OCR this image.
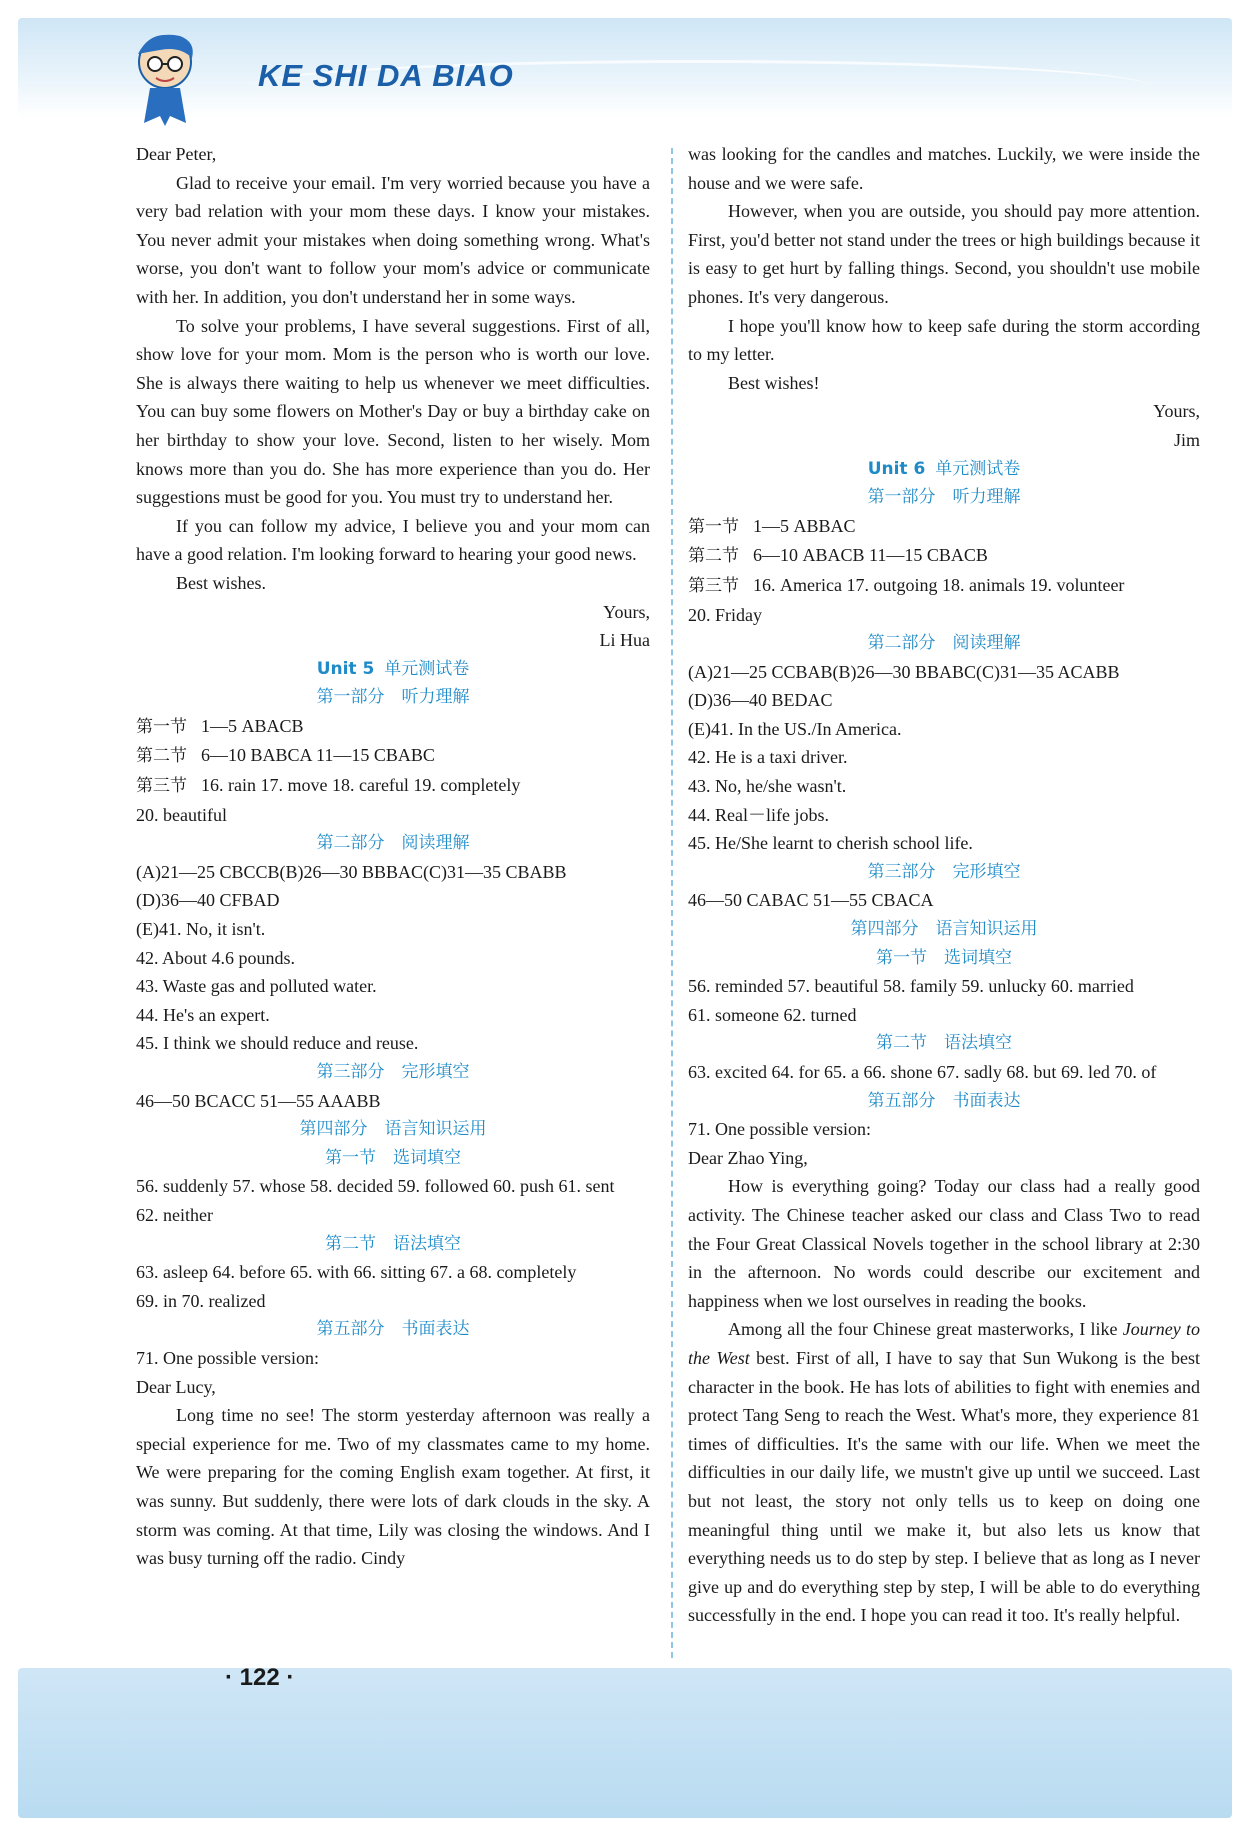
KE SHI DA BIAO

Dear Peter,

Glad to receive your email. I'm very worried because you have a very bad relation with your mom these days. I know your mistakes. You never admit your mistakes when doing something wrong. What's worse, you don't want to follow your mom's advice or communicate with her. In addition, you don't understand her in some ways.

To solve your problems, I have several suggestions. First of all, show love for your mom. Mom is the person who is worth our love. She is always there waiting to help us whenever we meet difficulties. You can buy some flowers on Mother's Day or buy a birthday cake on her birthday to show your love. Second, listen to her wisely. Mom knows more than you do. She has more experience than you do. Her suggestions must be good for you. You must try to understand her.

If you can follow my advice, I believe you and your mom can have a good relation. I'm looking forward to hearing your good news.

Best wishes.

Yours,

Li Hua

Unit 5 单元测试卷

第一部分　听力理解

第一节 1—5 ABACB

第二节 6—10 BABCA 11—15 CBABC

第三节 16. rain 17. move 18. careful 19. completely

20. beautiful

第二部分　阅读理解

(A)21—25 CBCCB(B)26—30 BBBAC(C)31—35 CBABB

(D)36—40 CFBAD

(E)41. No, it isn't.

42. About 4.6 pounds.

43. Waste gas and polluted water.

44. He's an expert.

45. I think we should reduce and reuse.

第三部分　完形填空

46—50 BCACC 51—55 AAABB

第四部分　语言知识运用

第一节　选词填空

56. suddenly 57. whose 58. decided 59. followed 60. push 61. sent

62. neither

第二节　语法填空

63. asleep 64. before 65. with 66. sitting 67. a 68. completely

69. in 70. realized

第五部分　书面表达

71. One possible version:

Dear Lucy,

Long time no see! The storm yesterday afternoon was really a special experience for me. Two of my classmates came to my home. We were preparing for the coming English exam together. At first, it was sunny. But suddenly, there were lots of dark clouds in the sky. A storm was coming. At that time, Lily was closing the windows. And I was busy turning off the radio. Cindy

was looking for the candles and matches. Luckily, we were inside the house and we were safe.

However, when you are outside, you should pay more attention. First, you'd better not stand under the trees or high buildings because it is easy to get hurt by falling things. Second, you shouldn't use mobile phones. It's very dangerous.

I hope you'll know how to keep safe during the storm according to my letter.

Best wishes!

Yours,

Jim

Unit 6 单元测试卷

第一部分　听力理解

第一节 1—5 ABBAC

第二节 6—10 ABACB 11—15 CBACB

第三节 16. America 17. outgoing 18. animals 19. volunteer

20. Friday

第二部分　阅读理解

(A)21—25 CCBAB(B)26—30 BBABC(C)31—35 ACABB

(D)36—40 BEDAC

(E)41. In the US./In America.

42. He is a taxi driver.

43. No, he/she wasn't.

44. Real－life jobs.

45. He/She learnt to cherish school life.

第三部分　完形填空

46—50 CABAC 51—55 CBACA

第四部分　语言知识运用

第一节　选词填空

56. reminded 57. beautiful 58. family 59. unlucky 60. married

61. someone 62. turned

第二节　语法填空

63. excited 64. for 65. a 66. shone 67. sadly 68. but 69. led 70. of

第五部分　书面表达

71. One possible version:

Dear Zhao Ying,

How is everything going? Today our class had a really good activity. The Chinese teacher asked our class and Class Two to read the Four Great Classical Novels together in the school library at 2:30 in the afternoon. No words could describe our excitement and happiness when we lost ourselves in reading the books.

Among all the four Chinese great masterworks, I like Journey to the West best. First of all, I have to say that Sun Wukong is the best character in the book. He has lots of abilities to fight with enemies and protect Tang Seng to reach the West. What's more, they experience 81 times of difficulties. It's the same with our life. When we meet the difficulties in our daily life, we mustn't give up until we succeed. Last but not least, the story not only tells us to keep on doing one meaningful thing until we make it, but also lets us know that everything needs us to do step by step. I believe that as long as I never give up and do everything step by step, I will be able to do everything successfully in the end. I hope you can read it too. It's really helpful.

· 122 ·
